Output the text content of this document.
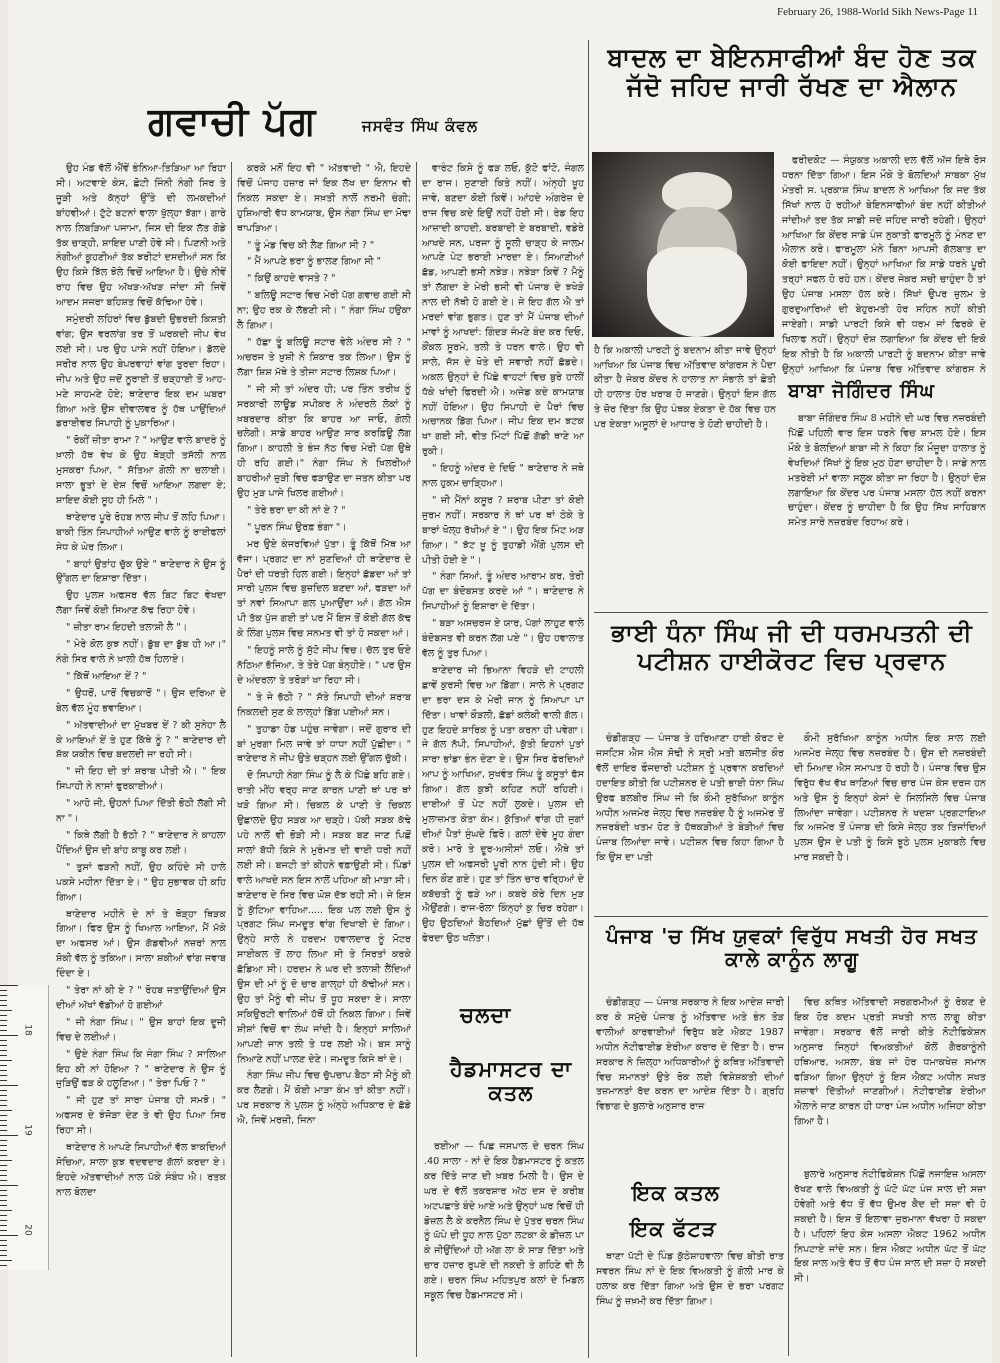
February 26, 1988-World Sikh News-Page 11
ਗਵਾਚੀ ਪੱਗ	ਜਸਵੰਤ ਸਿੰਘ ਕੰਵਲ

ਉਹ ਮੰਡ ਵੱਲੋਂ ਐਂਵੇਂ ਭੰਨਿਆ-ਤਿੜਿਆ ਆ ਰਿਹਾ ਸੀ। ਅਟਵਾਏ ਕੇਸ, ਛੋਟੀ ਜਿੰਨੀ ਨੰਗੀ ਸਿਰ ਤੇ ਜੂੜੀ ਅਤੇ ਕੱਨ੍ਹਾਂ ਉੱਤੇ ਦੀ ਲਮਕਦੀਆਂ ਬਾਂਹਵੀਆਂ। ਟੁੱਟੇ ਬਟਨਾਂ ਵਾਲਾ ਖੁੱਲ੍ਹਾ ਝੱਗਾ। ਗਾਰੇ ਨਾਲ ਲਿਬੜਿਆ ਪਜਾਮਾ, ਜਿਸ ਦੀ ਇਕ ਲੱਤ ਗੋਡੇ ਤੱਕ ਚਾੜ੍ਹੀ, ਸ਼ਾਇਦ ਪਾਣੀ ਹੋਵੇ ਸੀ। ਪਿਣਨੀ ਅਤੇ ਨੰਗੀਆਂ ਕੂਹਣੀਆਂ ਤੱਕ ਝਰੀਟਾਂ ਦਸਦੀਆਂ ਸਨ ਕਿ ਉਹ ਕਿਸੇ ਝਿੱਲ ਝੋਲੇ ਵਿਚੋਂ ਆਇਆ ਹੈ। ਉਚੇ ਨੀਵੇਂ ਰਾਹ ਵਿਚ ਉਹ ਅੱਖੜ-ਅੱਖੜ ਜਾਂਦਾ ਸੀ ਜਿਵੇਂ ਆਦਮ ਸਜਰਾ ਬਹਿਸ਼ਤ ਵਿਚੋਂ ਕੱਢਿਆ ਹੋਵੇ।

ਸਮੁੰਦਰੀ ਲਹਿਰਾਂ ਵਿਚ ਡੁੱਬਦੀ ਉਭਰਦੀ ਕਿਸ਼ਤੀ ਵਾਂਗ; ਉਸ ਵਰਲਾਂਗ ਤਰ ਤੋਂ ਘਰਕਦੀ ਜੀਪ ਵੇਖ ਲਈ ਸੀ। ਪਰ ਉਹ ਪਾਸੇ ਨਹੀਂ ਹੋਇਆ। ਡੱਲਦੇ ਸਰੀਰ ਨਾਲ ਉਹ ਬੇਪਰਵਾਹਾਂ ਵਾਂਗ ਤੁਰਦਾ ਰਿਹਾ। ਜੀਪ ਅਤੇ ਉਹ ਜਦੋਂ ਨੂਰਾਈ ਤੋਂ ਚੜ੍ਹਾਈ ਤੋਂ ਆਹ-ਮਣੇ ਸਾਹਮਣੇ ਹੋਏ; ਥਾਣੇਦਾਰ ਇਕ ਦਮ ਘਬਰਾ ਗਿਆ ਅਤੇ ਉਸ ਦੀਵਾਲਵਰ ਨੂੰ ਹੱਥ ਪਾਉਂਦਿਆਂ ਡਰਾਈਵਰ ਸਿਪਾਹੀ ਨੂੰ ਪੁਕਾਰਿਆ।

" ਰੋਕੀਂ ਜ਼ੀਤਾ ਰਾਮਾ ? " ਆਉਣ ਵਾਲੇ ਬਾਦਰੇ ਨੂੰ ਖ਼ਾਲੀ ਹੱਥ ਵੇਖ ਕੇ ਉਹ ਥੋੜ੍ਹੀ ਤਸੱਲੀ ਨਾਲ ਮੁਸਕਰਾ ਪਿਆ, " ਸੱਤਿਆ ਗੋਲੀ ਨਾ ਚਲਾਈ। ਸਾਲਾ ਭੂਤਾਂ ਦੇ ਦੇਸ਼ ਵਿਚੋਂ ਆਇਆ ਲਗਦਾ ਏ; ਸ਼ਾਇਦ ਕੋਈ ਸੂਹ ਹੀ ਮਿਲੇ "।

ਥਾਣੇਦਾਰ ਪੂਰੇ ਰੋਹਬ ਨਾਲ ਜੀਪ ਤੋਂ ਲਹਿ ਪਿਆ। ਬਾਕੀ ਤਿੰਨ ਸਿਪਾਹੀਆਂ ਆਉਣ ਵਾਲੇ ਨੂੰ ਰਾਈਫਲਾਂ ਸੇਧ ਕੇ ਘੇਰ ਲਿਆ।

" ਬਾਹਾਂ ਉਤਾਂਹ ਚੁੱਕ ਉਏ " ਥਾਣੇਦਾਰ ਨੇ ਉਸ ਨੂੰ ਉੱਗਲ ਦਾ ਇਸ਼ਾਰਾ ਦਿੱਤਾ।

ਉਹ ਪੁਲਸ ਅਫਸਰ ਵੱਲ ਬਿਟ ਬਿਟ ਵੇਖਦਾ ਲੱਗਾ ਜਿਵੇਂ ਕੋਈ ਸਿਆਣ ਕੱਢ ਰਿਹਾ ਹੋਵੇ।

" ਜ਼ੀਤਾ ਰਾਮ ਇਹਦੀ ਤਲਾਸ਼ੀ ਲੈ "।

" ਮੇਰੇ ਕੋਲ ਕੁਝ ਨਹੀਂ। ਡੁੱਬ ਦਾ ਡੁੱਬ ਹੀ ਆ।" ਨੰਗੇ ਸਿਰ ਵਾਲੇ ਨੇ ਖ਼ਾਲੀ ਹੱਥ ਹਿਲਾਏ।

" ਕਿੱਥੋਂ ਆਇਆ ਏਂ ? "

" ਉਧਰੋਂ, ਪਾਰੋਂ ਵਿਚਕਾਰੋਂ "। ਉਸ ਦਰਿਆ ਦੇ ਬੇਲ ਵੱਲ ਮੂੰਹ ਭਵਾਇਆ।

" ਅੱਤਵਾਦੀਆਂ ਦਾ ਮੁੱਖਬਰ ਏਂ ? ਕੀ ਸੁਨੇਹਾ ਲੈ ਕੇ ਆਇਆਂ ਏਂ ਤੇ ਹੁਣ ਕਿੱਥੇ ਨੂੰ ? " ਥਾਣੇਦਾਰ ਦੀ ਸ਼ੱਕ ਯਕੀਨ ਵਿਚ ਬਦਲਦੀ ਜਾ ਰਹੀ ਸੀ।

" ਜੀ ਇਹ ਦੀ ਤਾਂ ਸ਼ਰਾਬ ਪੀਤੀ ਐ। " ਇਕ ਸਿਪਾਹੀ ਨੇ ਨਾਸਾਂ ਫੁਰਕਾਈਆਂ।

" ਆਹੋ ਜੀ, ਉਹਨਾਂ ਪਿਆ ਦਿੱਤੀ ਭੋਠੀ ਲੱਗੀ ਸੀ ਨਾ "।

" ਕਿਥੇ ਲੱਗੀ ਹੈ ਭੱਠੀ ? " ਥਾਣੇਦਾਰ ਨੇ ਕਾਹਲਾ ਪੈਂਦਿਆਂ ਉਸ ਦੀ ਬਾਂਹ ਕਾਬੂ ਕਰ ਲਈ।

" ਤੁਸਾਂ ਫੜਨੀ ਨਹੀਂ, ਉਹ ਕਹਿੰਦੇ ਸੀ ਹਾਲੇ ਪਕਸੇ ਮਹੀਨਾ ਦਿੱਤਾ ਏ। " ਉਹ ਸੁਭਾਵਕ ਹੀ ਕਹਿ ਗਿਆ।

ਥਾਣੇਦਾਰ ਮਹੀਨੇ ਦੇ ਨਾਂ ਤੇ ਥੋੜ੍ਹਾ ਥਿੜਕ ਗਿਆ। ਫਿਰ ਉਸ ਨੂੰ ਖਿਆਲ ਆਇਆ, ਮੈਂ ਮੱਕੇ ਦਾ ਅਫਸਰ ਆਂ। ਉਸ ਗੱਡਵੀਆਂ ਨਜ਼ਰਾਂ ਨਾਲ ਸ਼ੋਕੀ ਵੱਲ ਨੂੰ ਤਕਿਆ। ਸਾਲਾ ਸ਼ਕੀਆਂ ਵਾਂਗ ਜਵਾਬ ਦਿੰਦਾ ਏ।

" ਤੇਰਾ ਨਾਂ ਕੀ ਏ ? " ਰੋਹਬ ਜਤਾਉਂਦਿਆਂ ਉਸ ਦੀਆਂ ਅੱਖਾਂ ਵੱਡੀਆਂ ਹੋ ਗਈਆਂ

" ਜੀ ਨੰਗਾ ਸਿੰਘ। " ਉਸ ਬਾਹਾਂ ਇਕ ਦੂਜੀ ਵਿਚ ਦੇ ਲਈਆਂ।

" ਉਏ ਨੰਗਾ ਸਿੰਘ ਕਿ ਜੰਗਾ ਸਿੰਘ ? ਸਾਲਿਆ ਇਹ ਕੀ ਨਾਂ ਹੋਇਆ ? " ਥਾਣੇਦਾਰ ਨੇ ਉਸ ਨੂੰ ਜੁੜਿਉਂ ਫੜ ਕੇ ਹਲੂਣਿਆ। " ਤੇਰਾ ਪਿਓ ? "

" ਜੀ ਹੁਣ ਤਾਂ ਸਾਰਾ ਪੰਜਾਬ ਹੀ ਸਮਝੋ। " ਅਫਸਰ ਦੇ ਝੰਜੋੜਾ ਦੇਣ ਤੇ ਵੀ ਉਹ ਪਿਆ ਸਿਰ ਰਿਹਾ ਸੀ।

ਥਾਣੇਦਾਰ ਨੇ ਆਪਣੇ ਸਿਪਾਹੀਆਂ ਵੱਲ ਝਾਕਦਿਆਂ ਸੋਚਿਆ, ਸਾਲਾ ਕੁਝ ਵਦਵਦਾਰ ਗੱਲਾਂ ਕਰਦਾ ਏ। ਇਹਦੇ ਅੱਤਵਾਦੀਆਂ ਨਾਲ ਪੱਕੇ ਸੰਬੰਧ ਐ। ਰਤਕ ਨਾਲ ਬੋਲਦਾ

ਕਰਕੇ ਮਨੋਂ ਇਹ ਵੀ " ਅੱਤਵਾਦੀ " ਐ, ਇਹਦੇ ਵਿਚੋਂ ਪੰਜਾਹ ਹਜ਼ਾਰ ਜਾਂ ਇਕ ਲੱਖ ਦਾ ਇਨਾਮ ਵੀ ਨਿਕਲ ਸਕਦਾ ਏ। ਸਖ਼ਤੀ ਨਾਲੋਂ ਨਰਮੀ ਚੰਗੀ; ਹੁਸ਼ਿਆਰੀ ਵੱਧ ਕਾਮਯਾਬ, ਉਸ ਨੰਗਾ ਸਿੰਘ ਦਾ ਮੋਢਾ ਥਾਪੜਿਆ।

" ਤੂੰ ਮੰਡ ਵਿਚ ਕੀ ਲੈਣ ਗਿਆ ਸੀ ? "

" ਮੈਂ ਆਪਣੇ ਭਰਾ ਨੂੰ ਭਾਲਣ ਗਿਆ ਸੀ "

" ਕਿਉਂ ਕਾਹਦੇ ਵਾਸਤੇ ? "

" ਬਲਿਊ ਸਟਾਰ ਵਿਚ ਮੇਰੀ ਪੱਗ ਗਵਾਚ ਗਈ ਸੀ ਨਾ; ਉਹ ਰਕ ਕੇ ਲੱਭਣੀ ਸੀ। " ਨੰਗਾ ਸਿੰਘ ਹਉਕਾ ਲੈ ਗਿਆ।

" ਹੱਛਾ ਤੂੰ ਬਲਿਊ ਸਟਾਰ ਵੇਲੇ ਅੰਦਰ ਸੀ ? " ਅਚਰਜ ਤੇ ਖ਼ੁਸ਼ੀ ਨੇ ਸ਼ਿਕਾਰ ਤਕ ਲਿਆ। ਉਸ ਨੂੰ ਲੱਗਾ ਸ਼ਿਸ਼ ਮੱਥੇ ਤੇ ਤੀਜਾ ਸਟਾਰ ਲਿਸ਼ਕ ਪਿਆ।

" ਜੀ ਸੀ ਤਾਂ ਅੰਦਰ ਹੀ; ਪਰ ਤਿੰਨ ਤਰੀਖ ਨੂੰ ਸਰਕਾਰੀ ਲਾਊਡ ਸਪੀਕਰ ਨੇ ਅੰਦਰਲੇ ਲੋਕਾਂ ਨੂੰ ਖ਼ਬਰਦਾਰ ਕੀਤਾ ਕਿ ਬਾਹਰ ਆ ਜਾਓ, ਗੋਲੀ ਚਲੇਗੀ। ਸਾਡੇ ਬਾਹਰ ਆਉਣ ਸਾਰ ਕਰਫ਼ਿਊ ਲੱਗ ਗਿਆ। ਕਾਹਲੀ ਤੇ ਭੰਜ ਨੱਠ ਵਿਚ ਮੇਰੀ ਪੱਗ ਉਥੇ ਹੀ ਰਹਿ ਗਈ।" ਨੰਗਾ ਸਿੰਘ ਨੇ ਖ਼ਿਲਰੀਆਂ ਬਾਹਰੀਆਂ ਜ਼ੁੜੀ ਵਿਚ ਫੜਾਉਣ ਦਾ ਜਤਨ ਕੀਤਾ ਪਰ ਉਹ ਮੁੜ ਪਾਸੇ ਖਿਲਰ ਗਈਆਂ।

" ਤੇਰੇ ਭਰਾ ਦਾ ਕੀ ਨਾਂ ਏ ? "

" ਪੂਰਨ ਸਿੰਘ ਉਰਫ਼ ਭੰਗਾ "।

ਮਰ ਉਏ ਕੰਜਰਵਿਆਂ ਪੁੱਤਾ। ਤੂੰ ਕਿੱਥੋਂ ਮਿੱਥ ਆ ਵੱਜਾ। ਪ੍ਰਗਟ ਦਾ ਨਾਂ ਸੁਣਦਿਆਂ ਹੀ ਥਾਣੇਦਾਰ ਦੇ ਪੈਰਾਂ ਦੀ ਧਰਤੀ ਹਿਲ ਗਈ। ਇਨ੍ਹਾਂ ਛੱਡਦਾ ਆਂ ਤਾਂ ਸਾਰੀ ਪੁਲਸ ਵਿਚ ਬੁਜ਼ਦਿਲ ਬਣਦਾ ਆਂ, ਫੜਦਾ ਆਂ ਤਾਂ ਨਵਾਂ ਸਿਆਪਾ ਗਲ ਪੁਆਉਂਦਾ ਆਂ। ਗੱਲ ਐਸ ਪੀ ਤੱਕ ਪੁੱਜ ਗਈ ਤਾਂ ਪਰ ਮੈਂ ਇਸ ਤੋਂ ਕੋਈ ਗੱਲ ਕੱਢ ਕੇ ਲਿੰਗ ਪੁਲਸ ਵਿਚ ਸਨਮਤ ਵੀ ਤਾਂ ਹੋ ਸਕਦਾ ਆਂ।

" ਇਹਨੂੰ ਸਾਲੇ ਨੂੰ ਸੁੱਟੋ ਜੀਪ ਵਿਚ। ਚੱਲ ਤੁਰ ਓਏ ਨੱਠਿਆ ਭੱਜਿਆ, ਤੇ ਤੇਰੇ ਪੱਗ ਬੰਨ੍ਹੀਏ। " ਪਰ ਉਸ ਦੇ ਅੰਦਰਲਾ ਤੇ ਤਰੋੜਾਂ ਖਾ ਰਿਹਾ ਸੀ।

" ਤੇ ਜੇ ਭੱਠੀ ? " ਸੱਤੇ ਸਿਪਾਹੀ ਦੀਆਂ ਸ਼ਰਾਬ ਨਿਕਲਦੀ ਸੁਣ ਕੇ ਲਾਲ੍ਹਾਂ ਡਿੱਗ ਪਈਆਂ ਸਨ।

" ਤੁਹਾਡਾ ਹੋਡ ਪਹੁੰਚ ਜਾਵੇਗਾ। ਜਦੋਂ ਗੁਰਾਰ ਦੀ ਬਾਂ ਮੁਰਗਾ ਮਿਲ ਜਾਵੇ ਤਾਂ ਧਾਧਾ ਨਹੀਂ ਪੁੱਛੀਦਾ। " ਥਾਣੇਦਾਰ ਨੇ ਜੀਪ ਉਤੇ ਚੜ੍ਹਨ ਲਈ ਉੱਗਲ ਚੁੱਕੀ।

ਦੋ ਸਿਪਾਹੀ ਨੰਗਾ ਸਿੰਘ ਨੂੰ ਲੈ ਕੇ ਪਿੱਛੇ ਬਹਿ ਗਏ। ਰਾਤੀ ਮੀਂਹ ਵਰ੍ਹ ਜਾਣ ਕਾਰਨ ਪਾਣੀ ਥਾਂ ਪਰ ਥਾਂ ਖੜੋ ਗਿਆ ਸੀ। ਚਿਕਲ ਕੇ ਪਾਣੀ ਤੇ ਚਿਕਲ ਉਛਾਲਦੇ ਉਹ ਸੜਕ ਆ ਚੜ੍ਹੇ। ਪੱਕੀ ਸੜਕ ਕੱਢੇ ਪਹੇ ਨਾਲੋਂ ਵੀ ਭੋੜੀ ਸੀ। ਸੜਕ ਬਣ ਜਾਣ ਪਿਛੋਂ ਸਾਲਾਂ ਬੱਧੀ ਕਿਸੇ ਨੇ ਮੁਰੰਮਤ ਦੀ ਵਾਈ ਧਰੀ ਨਹੀਂ ਲਈ ਸੀ। ਬਜਟੀ ਤਾਂ ਕੀਹਨੇ ਵਫ਼ਾਉਣੀ ਸੀ। ਪਿੰਡਾਂ ਵਾਲੇ ਆਖਦੇ ਸਨ ਇਸ ਨਾਲੋਂ ਪਹਿਆ ਕੀ ਮਾੜਾ ਸੀ। ਥਾਣੇਦਾਰ ਦੇ ਸਿਰ ਵਿਚ ਘੋਸ਼ ਦੱਝ ਰਹੀ ਸੀ। ਜੇ ਇਸ ਨੂੰ ਕੁੱਟਿਆ ਵਾਹਿਆ..... ਇਕ ਪਲ ਲਈ ਉਸ ਨੂੰ ਪ੍ਰਗਟ ਸਿੰਘ ਜਮਦੂਤ ਵਾਂਗ ਦਿਖਾਈ ਦੇ ਗਿਆ। ਉਨ੍ਹੇ ਸਾਲੇ ਨੇ ਹਰਦਮ ਹਵਾਲਦਾਰ ਨੂੰ ਮੋਟਰ ਸਾਈਕਲ ਤੋਂ ਲਾਹ ਲਿਆ ਸੀ ਤੇ ਸਿਰਤਾਂ ਕਰਕੇ ਛੱਡਿਆ ਸੀ। ਹਰਦਮ ਨੇ ਘਰ ਦੀ ਤਲਾਸ਼ੀ ਲੈਂਦਿਆਂ ਉਸ ਦੀ ਮਾਂ ਨੂੰ ਦੋ ਚਾਰ ਗਾਲ੍ਹਾਂ ਹੀ ਕੱਢੀਆਂ ਸਨ। ਉਹ ਤਾਂ ਮੈਨੂੰ ਵੀ ਜੀਪ ਤੋਂ ਧੂਹ ਸਕਦਾ ਏ। ਸਾਲਾ ਸਕਿਉਰਟੀ ਵਾਲਿਆਂ ਹੱਥੋਂ ਹੀ ਨਿਕਲ ਗਿਆ। ਜਿਵੇਂ ਸ਼ੀਸ਼ਾਂ ਵਿਚੋਂ ਵਾ ਲੰਘ ਜਾਂਦੀ ਹੈ। ਇਨ੍ਹਾਂ ਸਾਲਿਆਂ ਆਪਣੀ ਜਾਨ ਤਲੀ ਤੇ ਧਰ ਲਈ ਐ। ਬਸ ਸਾਨੂੰ ਨਿਆਣੇ ਨਹੀਂ ਪਾਲਣ ਦੇਣੇ। ਜਮਦੂਤ ਕਿਸੇ ਥਾਂ ਦੇ।

ਨੰਗਾ ਸਿੰਘ ਜੀਪ ਵਿਚ ਚੁੱਪਚਾਪ ਬੈਠਾ ਸੀ ਮੈਨੂੰ ਕੀ ਕਰ ਲੈਣਗੇ। ਮੈਂ ਕੋਈ ਮਾੜਾ ਕੰਮ ਤਾਂ ਕੀਤਾ ਨਹੀਂ। ਪਰ ਸਰਕਾਰ ਨੇ ਪੁਲਸ ਨੂੰ ਅੰਨ੍ਹੇ ਅਧਿਕਾਰ ਦੇ ਛੱਡੇ ਐ, ਜਿਵੇਂ ਮਰਜ਼ੀ, ਜਿਨਾ

ਵਾਰੰਟ ਕਿਸੇ ਨੂੰ ਫੜ ਲਓ, ਕੁੱਟੋ ਫਾਂਟੋ, ਜੰਗਲ ਦਾ ਰਾਜ। ਸੁਣਾਈ ਕਿਤੇ ਨਹੀਂ। ਅੰਨ੍ਹੀ ਖੂਹ ਜਾਵੇ, ਬਣਦਾ ਕੋਈ ਕਿਵੇਂ। ਆਂਹਦੇ ਅੰਗਰੇਜ਼ ਦੇ ਰਾਜ ਵਿਚ ਕਦੇ ਇਉਂ ਨਹੀਂ ਹੋਈ ਸੀ। ਰੇਡ ਇਹ ਆਜ਼ਾਦੀ ਕਾਹਦੀ, ਬਰਬਾਦੀ ਏ ਬਰਬਾਦੀ, ਵਡੇਰੇ ਆਖਦੇ ਸਨ, ਪਰਜਾ ਨੂੰ ਸੂਲੀ ਚਾੜ੍ਹ ਕੇ ਜਾਲਮ ਆਪਣੇ ਪੇਟ ਭਰਾਈ ਮਾਰਦਾ ਏ। ਸਿਆਣੀਆਂ ਛੱਡ, ਆਪਣੀ ਭਸੀ ਨਝੇੜ। ਨਝੇੜਾ ਕਿਵੇਂ ? ਮੈਨੂੰ ਤਾਂ ਲੱਗਦਾ ਏ ਮੇਰੀ ਭਸੀ ਵੀ ਪੰਜਾਬ ਦੇ ਝਖੇੜੇ ਨਾਲ ਦੀ ਨੱਥੀ ਹੋ ਗਈ ਏ। ਜੇ ਇਹ ਗੱਲ ਐ ਤਾਂ ਮਰਦਾਂ ਵਾਂਗ ਭੁਗਤ। ਹੁਣ ਤਾਂ ਮੈਂ ਪੰਜਾਬ ਦੀਆਂ ਮਾਵਾਂ ਨੂੰ ਆਖਦਾਂ: ਗਿੰਦੜ ਜੰਮਣੇ ਬੰਦ ਕਰ ਦਿਓ, ਕੌਂਕਲ ਸੂਰਮੇ, ਤਲੀ ਤੇ ਧਰਨ ਵਾਲੇ। ਉਹ ਵੀ ਸਾਲੇ, ਜੱਸ ਦੇ ਖੋਤੇ ਦੀ ਸਵਾਰੀ ਨਹੀਂ ਛੱਡਦੇ। ਅਕਲ ਉਨ੍ਹਾਂ ਦੇ ਪਿੱਛੇ ਵਾਹਟਾਂ ਵਿਚ ਬੁਰੇ ਹਾਲੀਂ ਧੱਕੇ ਖਾਂਦੀ ਫਿਰਦੀ ਐ। ਅਜੇਡ ਕਦੇ ਕਾਮਯਾਬ ਨਹੀਂ ਹੋਇਆ। ਉਹ ਸਿਪਾਹੀ ਦੇ ਪੈਰਾਂ ਵਿਚ ਅਚਾਨਕ ਡਿੱਗ ਪਿਆ। ਜੀਪ ਇਕ ਦਮ ਝਟਕ ਖਾ ਗਈ ਸੀ, ਵੀਤ ਮਿੰਟਾਂ ਪਿੱਛੋਂ ਗੱਡੀ ਥਾਣੇ ਆ ਰੁਕੀ।

" ਇਹਨੂੰ ਅੰਦਰ ਦੇ ਦਿਓ " ਥਾਣੇਦਾਰ ਨੇ ਜਥੇ ਨਾਲ ਹੁਕਮ ਚਾੜ੍ਹਿਆ।

" ਜੀ ਮੈਂਨਾਂ ਕਸੂਰ ? ਸ਼ਰਾਬ ਪੀਣਾ ਤਾਂ ਕੋਈ ਜੁਰਮ ਨਹੀਂ। ਸਰਕਾਰ ਨੇ ਥਾਂ ਪਰ ਥਾਂ ਠੇਕੇ ਤੇ ਬਾਰਾਂ ਖੋਲ੍ਹ ਰੱਖੀਆਂ ਏ "। ਉਹ ਇਕ ਮਿੰਟ ਅੜ ਗਿਆ। " ਝੱਟ ਖ਼ੂ ਨੂੰ ਤੁਹਾਡੀ ਐਂਗੋ ਪੁਲਸ ਦੀ ਪੀਤੀ ਹੋਈ ਏ "।

" ਨੰਗਾ ਸਿਆਂ, ਤੂੰ ਅੰਦਰ ਆਰਾਮ ਕਰ, ਤੇਰੀ ਪੱਗ ਦਾ ਬੰਦੋਬਸਤ ਕਰਦੇ ਆਂ "। ਥਾਣੇਦਾਰ ਨੇ ਸਿਪਾਹੀਆਂ ਨੂੰ ਇਸ਼ਾਰਾ ਦੇ ਦਿੱਤਾ।

" ਬੜਾ ਅਸਚਰਜ ਏ ਯਾਰ, ਪੱਗਾਂ ਲਾਹੁਣ ਵਾਲੇ ਬੰਦੋਬਸਤ ਵੀ ਕਰਨ ਲੱਗ ਪਏ "। ਉਹ ਹਵਾਲਾਤ ਵੱਲ ਨੂੰ ਤੁਰ ਪਿਆ।

ਥਾਣੇਦਾਰ ਜੀ ਭਿਆਨਾ ਵਿਹੜੇ ਦੀ ਟਾਹਲੀ ਛਾਵੇਂ ਕੁਰਸੀ ਵਿਚ ਆ ਡਿੱਗਾ। ਸਾਲੇ ਨੇ ਪ੍ਰਗਟ ਦਾ ਭਰਾ ਦਸ ਕੇ ਮੇਰੀ ਜਾਨ ਨੂੰ ਸਿਆਪਾ ਪਾ ਦਿੱਤਾ। ਖਾਵਾਂ ਕੌੜਲੀ, ਛੱਡਾਂ ਕਲੰਕੀ ਵਾਲੀ ਗੱਲ। ਹੁਣ ਇਹਦੇ ਸ਼ਾਰਿਕ ਨੂੰ ਪਤਾ ਕਰਨਾ ਹੀ ਪਵੇਗਾ। ਜੇ ਗੱਲ ਨੱਪੀ, ਸਿਪਾਹੀਆਂ, ਕੁੱਤੀ ਇਹਨਾਂ ਪੁਤਾਂ ਸਾਰਾ ਭਾਂਡਾ ਭੰਨ ਦੇਣਾ ਏ। ਉਸ ਸਿਰ ਫੇਰਦਿਆਂ ਆਪ ਨੂੰ ਆਖਿਆ, ਸੁਖਵੰਤ ਸਿੰਘ ਤੂੰ ਕਸੂਤਾਂ ਫੱਸ ਗਿਆ। ਗੱਲ ਕੁਝੀ ਕਹਿਣ ਨਹੀਂ ਰਹਿਣੀ। ਦਾਈਆਂ ਤੋਂ ਪੇਟ ਨਹੀਂ ਲੁਕਦੇ। ਪੁਲਸ ਦੀ ਮੁਲਾਜ਼ਮਤ ਕੇਤਾ ਕੰਮ। ਕੁੱਤਿਆਂ ਵਾਂਗ ਹੀ ਜੁਗਾਂ ਦੀਆਂ ਪੈਤਾਂ ਸੁੰਘਦੇ ਫਿਰੋ। ਗਲਾਂ ਦੇਵੇ ਮੂਹ ਗੰਦਾ ਕਰੋ। ਮਾਰੋ ਤੇ ਦੂਰ-ਅਸੀਸਾਂ ਲਓ। ਐਥੇ ਤਾਂ ਪੁਲਸ ਦੀ ਅਫਸਰੀ ਪੂਰੀ ਨਾਨ ਹੁੰਦੀ ਸੀ। ਉਹ ਦਿਨ ਕੌਣ ਗਏ। ਹੁਣ ਤਾਂ ਤਿੰਨ ਚਾਰ ਵਰ੍ਹਿਆਂ ਦੇ ਕਬੱਚਤੀ ਨੂੰ ਫੜੇ ਆ। ਕਬਰੇ ਕੋਰੇ ਦਿਨ ਮੁੜ ਐਉਂਣਗੇ। ਰਾਜ-ਰੋਲਾ ਕਿੰਨ੍ਹਾਂ ਕੁ ਚਿਰ ਰਹੇਗਾ। ਉਹ ਉਠਦਿਆਂ ਬੈਠਦਿਆਂ ਮੁੱਛਾਂ ਉੱਤੋਂ ਦੀ ਹੱਥ ਫੇਰਦਾ ਉਠ ਖਲੋਤਾ।

ਚਲਦਾ
ਹੈਡਮਾਸਟਰ ਦਾ ਕਤਲ

ਰਈਆ — ਪਿਛ ਜਸਪਾਲ ਦੇ ਚਰਨ ਸਿੰਘ .40 ਸਾਲਾ - ਨਾਂ ਦੇ ਇਕ ਹੈਡਮਾਸਟਰ ਨੂੰ ਕਤਲ ਕਰ ਦਿੱਤੇ ਜਾਣ ਦੀ ਖ਼ਬਰ ਮਿਲੀ ਹੈ। ਉਸ ਦੇ ਘਰ ਦੇ ਵੱਲੋਂ ਤਕਰਸ਼ਾਰ ਅੱਠ ਦਸ ਦੇ ਕਰੀਬ ਅਟਪਛਾਤੇ ਬੰਦੇ ਆਏ ਅਤੇ ਉਨ੍ਹਾਂ ਘਰ ਵਿਚੋਂ ਹੀ ਡੋਜ਼ਲ ਲੈ ਕੇ ਕਰਨੈਲ ਸਿੰਘ ਦੇ ਪੁੱਤਰ ਚਰਨ ਸਿੰਘ ਨੂੰ ਘੱਪੇ ਦੀ ਧੂਹ ਨਾਲ ਪੁੱਠਾ ਲਟਕਾ ਕੇ ਡੀਜ਼ਲ ਪਾ ਕੇ ਜੀਉਂਦਿਆਂ ਹੀ ਅੱਗ ਲਾ ਕੇ ਸਾੜ ਦਿੱਤਾ ਅਤੇ ਚਾਰ ਹਜ਼ਾਰ ਰੁਪਏ ਦੀ ਨਕਦੀ ਤੇ ਗਹਿਣੇ ਵੀ ਲੈ ਗਏ। ਚਰਨ ਸਿੰਘ ਮਹਿਤਪੁਰ ਕਲਾਂ ਦੇ ਮਿਡਲ ਸਕੂਲ ਵਿਚ ਹੈਡਮਾਸਟਰ ਸੀ।

ਬਾਦਲ ਦਾ ਬੇਇਨਸਾਫੀਆਂ ਬੰਦ ਹੋਣ ਤਕ ਜੱਦੋ ਜਹਿਦ ਜਾਰੀ ਰੱਖਣ ਦਾ ਐਲਾਨ

ਫਰੀਦਕੋਟ — ਸੰਯੁਕਤ ਅਕਾਲੀ ਦਲ ਵੱਲੋਂ ਅੱਜ ਇਥੇ ਰੋਸ ਧਰਨਾ ਦਿੱਤਾ ਗਿਆ। ਇਸ ਮੌਕੇ ਤੇ ਬੋਲਦਿਆਂ ਸਾਬਕਾ ਮੁੱਖ ਮੰਤਰੀ ਸ. ਪ੍ਰਕਾਸ਼ ਸਿੰਘ ਬਾਦਲ ਨੇ ਆਖਿਆ ਕਿ ਜਦ ਤੱਕ ਸਿੱਖਾਂ ਨਾਲ ਹੋ ਰਹੀਆਂ ਬੇਇਨਸਾਫੀਆਂ ਬੰਦ ਨਹੀਂ ਕੀਤੀਆਂ ਜਾਂਦੀਆਂ ਤਦ ਤੱਕ ਸਾਡੀ ਜਦੋ ਜਹਿਦ ਜਾਰੀ ਰਹੇਗੀ। ਉਨ੍ਹਾਂ ਆਖਿਆ ਕਿ ਕੇਂਦਰ ਸਾਡੇ ਪੰਜ ਨੁਕਾਤੀ ਫਾਰਮੂਲੇ ਨੂੰ ਮੰਨਣ ਦਾ ਐਲਾਨ ਕਰੇ। ਫਾਰਮੂਲਾ ਮੰਨੇ ਬਿਨਾ ਆਪਸੀ ਗੱਲਬਾਤ ਦਾ ਕੋਈ ਫਾਇਦਾ ਨਹੀਂ। ਉਨ੍ਹਾਂ ਆਖਿਆ ਕਿ ਸਾਡੇ ਧਰਨੇ ਪੂਰੀ ਤਰ੍ਹਾਂ ਸਫਲ ਹੋ ਰਹੇ ਹਨ। ਕੇਂਦਰ ਜੇਕਰ ਸਚੀ ਚਾਹੁੰਦਾ ਹੈ ਤਾਂ ਉਹ ਪੰਜਾਬ ਮਸਲਾ ਹੱਲ ਕਰੇ। ਸਿੱਖਾਂ ਉਪਰ ਜ਼ੁਲਮ ਤੇ ਗੁਰਦੁਆਰਿਆਂ ਦੀ ਬੇਹੁਰਮਤੀ ਹੋਰ ਸਹਿਨ ਨਹੀਂ ਕੀਤੀ ਜਾਏਗੀ। ਸਾਡੀ ਪਾਰਟੀ ਕਿਸੇ ਵੀ ਧਰਮ ਜਾਂ ਫਿਰਕੇ ਦੇ ਖਿਲਾਫ ਨਹੀਂ। ਉਨ੍ਹਾਂ ਦੋਸ਼ ਲਗਾਇਆ ਕਿ ਕੇਂਦਰ ਦੀ ਇਕੋ ਇਕ ਨੀਤੀ ਹੈ ਕਿ ਅਕਾਲੀ ਪਾਰਟੀ ਨੂੰ ਬਦਨਾਮ ਕੀਤਾ ਜਾਵੇ ਉਨ੍ਹਾਂ ਆਖਿਆ ਕਿ ਪੰਜਾਬ ਵਿਚ ਅੱਤਿਵਾਦ ਕਾਂਗਰਸ ਨੇ

ਹੈ ਕਿ ਅਕਾਲੀ ਪਾਰਟੀ ਨੂੰ ਬਦਨਾਮ ਕੀਤਾ ਜਾਵੇ ਉਨ੍ਹਾਂ ਆਖਿਆ ਕਿ ਪੰਜਾਬ ਵਿਚ ਅੱਤਿਵਾਦ ਕਾਂਗਰਸ ਨੇ ਪੈਦਾ ਕੀਤਾ ਹੈ ਜੇਕਰ ਕੇਂਦਰ ਨੇ ਹਾਲਾਤ ਨਾ ਸੰਭਾਲੇ ਤਾਂ ਛੇਤੀ ਹੀ ਹਾਲਾਤ ਹੋਰ ਖਰਾਬ ਹੋ ਜਾਣਗੇ। ਉਨ੍ਹਾਂ ਇਸ ਗੱਲ ਤੇ ਜ਼ੋਰ ਦਿੱਤਾ ਕਿ ਉਹ ਪੰਥਕ ਏਕਤਾ ਦੇ ਹੱਕ ਵਿਚ ਹਨ ਪਰ ਏਕਤਾ ਅਸੂਲਾਂ ਦੇ ਆਧਾਰ ਤੇ ਹੋਣੀ ਚਾਹੀਦੀ ਹੈ।

ਬਾਬਾ ਜੋਗਿੰਦਰ ਸਿੰਘ

ਬਾਬਾ ਜੋਗਿੰਦਰ ਸਿੰਘ 8 ਮਹੀਨੇ ਦੀ ਘਰ ਵਿਚ ਨਜ਼ਰਬੰਦੀ ਪਿੱਛੋਂ ਪਹਿਲੀ ਵਾਰ ਇਸ ਧਰਨੇ ਵਿਚ ਸ਼ਾਮਲ ਹੋਏ। ਇਸ ਮੌਕੇ ਤੇ ਬੋਲਦਿਆਂ ਬਾਬਾ ਜੀ ਨੇ ਕਿਹਾ ਕਿ ਮੌਜੂਦਾ ਹਾਲਾਤ ਨੂੰ ਵੇਖਦਿਆਂ ਸਿੱਖਾਂ ਨੂੰ ਇਕ ਮੁਠ ਹੋਣਾ ਚਾਹੀਦਾ ਹੈ। ਸਾਡੇ ਨਾਲ ਮਤਰੇਈ ਮਾਂ ਵਾਲਾ ਸਲੂਕ ਕੀਤਾ ਜਾ ਰਿਹਾ ਹੈ। ਉਨ੍ਹਾਂ ਦੋਸ਼ ਲਗਾਇਆ ਕਿ ਕੇਂਦਰ ਪਰ ਪੰਜਾਬ ਮਸਲਾ ਹੱਲ ਨਹੀਂ ਕਰਨਾ ਚਾਹੁੰਦਾ। ਕੇਂਦਰ ਨੂੰ ਚਾਹੀਦਾ ਹੈ ਕਿ ਉਹ ਸਿੱਖ ਸਾਹਿਬਾਨ ਸਮੇਤ ਸਾਰੇ ਨਜ਼ਰਬੰਦ ਰਿਹਾਅ ਕਰੇ।

ਭਾਈ ਧੰਨਾ ਸਿੰਘ ਜੀ ਦੀ ਧਰਮਪਤਨੀ ਦੀ ਪਟੀਸ਼ਨ ਹਾਈਕੋਰਟ ਵਿਚ ਪ੍ਰਵਾਨ

ਚੰਡੀਗੜ੍ਹ — ਪੰਜਾਬ ਤੇ ਹਰਿਆਣਾ ਹਾਈ ਕੋਰਟ ਦੇ ਜਸਟਿਸ ਐਸ ਐਸ ਸੋਢੀ ਨੇ ਸ੍ਰੀ ਮਤੀ ਬਲਜੀਤ ਕੌਰ ਵੱਲੋਂ ਦਾਇਰ ਫੌਜਦਾਰੀ ਪਟੀਸ਼ਨ ਨੂੰ ਪ੍ਰਵਾਨ ਕਰਦਿਆਂ ਹਦਾਇਤ ਕੀਤੀ ਕਿ ਪਟੀਸ਼ਨਰ ਦੇ ਪਤੀ ਭਾਈ ਧੰਨਾ ਸਿੰਘ ਉਰਫ ਬਲਬੀਰ ਸਿੰਘ ਜੀ ਕਿ ਕੌਮੀ ਸੁਰੱਖਿਆ ਕਾਨੂੰਨ ਅਧੀਨ ਅਜਮੇਰ ਜੇਲ੍ਹ ਵਿਚ ਨਜ਼ਰਬੰਦ ਹੈ ਨੂੰ ਅਜਮੇਰ ਤੋਂ ਨਜ਼ਰਬੰਦੀ ਖਤਮ ਹੋਣ ਤੇ ਹੱਥਕੜੀਆਂ ਤੇ ਬੇੜੀਆਂ ਵਿਚ ਪੰਜਾਬ ਲਿਆਂਦਾ ਜਾਵੇ। ਪਟੀਸ਼ਨ ਵਿਚ ਕਿਹਾ ਗਿਆ ਹੈ ਕਿ ਉਸ ਦਾ ਪਤੀ

ਕੌਮੀ ਸੁਰੱਖਿਆ ਕਾਨੂੰਨ ਅਧੀਨ ਇਕ ਸਾਲ ਲਈ ਅਜਮੇਰ ਜੇਲ੍ਹ ਵਿਚ ਨਜ਼ਰਬੰਦ ਹੈ। ਉਸ ਦੀ ਨਜ਼ਰਬੰਦੀ ਦੀ ਮਿਆਦ ਐਸ ਸਮਾਪਤ ਹੋ ਰਹੀ ਹੈ। ਪੰਜਾਬ ਵਿਚ ਉਸ ਵਿਰੁੱਧ ਵੱਖ ਵੱਖ ਥਾਣਿਆਂ ਵਿਚ ਚਾਰ ਪੰਜ ਕੇਸ ਦਰਜ ਹਨ ਅਤੇ ਉਸ ਨੂੰ ਇਨ੍ਹਾਂ ਕੇਸਾਂ ਦੇ ਸਿਲਸਿਲੇ ਵਿਚ ਪੰਜਾਬ ਲਿਆਂਦਾ ਜਾਵੇਗਾ। ਪਟੀਸ਼ਨਰ ਨੇ ਖਦਸ਼ਾ ਪ੍ਰਗਟਾਇਆ ਕਿ ਅਜਮੇਰ ਤੋਂ ਪੰਜਾਬ ਦੀ ਕਿਸੇ ਜੇਲ੍ਹ ਤਕ ਤਿਜਾਂਦਿਆਂ ਪੁਲਸ ਉਸ ਦੇ ਪਤੀ ਨੂੰ ਕਿਸੇ ਝੂਠੇ ਪੁਲਸ ਮੁਕਾਬਲੇ ਵਿਚ ਮਾਰ ਸਕਦੀ ਹੈ।

ਪੰਜਾਬ 'ਚ ਸਿੱਖ ਯੁਵਕਾਂ ਵਿਰੁੱਧ ਸਖਤੀ ਹੋਰ ਸਖਤ ਕਾਲੇ ਕਾਨੂੰਨ ਲਾਗੂ

ਚੰਡੀਗੜ੍ਹ — ਪੰਜਾਬ ਸਰਕਾਰ ਨੇ ਇਕ ਆਦੇਸ਼ ਜਾਰੀ ਕਰ ਕੇ ਸਮੁੱਚੇ ਪੰਜਾਬ ਨੂੰ ਅੱਤਿਵਾਦ ਅਤੇ ਭੰਨ ਤੋੜ ਵਾਲੀਆਂ ਕਾਰਵਾਈਆਂ ਵਿਰੁੱਧ ਬਣੇ ਐਕਟ 1987 ਅਧੀਨ ਨੋਟੀਫਾਈਡ ਏਰੀਆ ਕਰਾਰ ਦੇ ਦਿੱਤਾ ਹੈ। ਰਾਜ ਸਰਕਾਰ ਨੇ ਜ਼ਿਲ੍ਹਾ ਅਧਿਕਾਰੀਆਂ ਨੂੰ ਕਥਿਤ ਅੱਤਿਵਾਦੀ ਵਿਚ ਸਮਾਨਤਾਂ ਉਤੇ ਰੋਕ ਲਈ ਵਿਸ਼ੇਸ਼ਕਤੀ ਦੀਆਂ ਤਜ਼ਮਾਨਤਾਂ ਰੱਦ ਕਰਨ ਦਾ ਆਦੇਸ਼ ਦਿੱਤਾ ਹੈ। ਗ੍ਰਹਿ ਵਿਭਾਗ ਦੇ ਬੁਲਾਰੇ ਅਨੁਸਾਰ ਰਾਜ

ਵਿਚ ਕਥਿਤ ਅੱਤਿਵਾਦੀ ਸਰਗਰਮੀਆਂ ਨੂੰ ਰੋਕਣ ਦੇ ਇਕ ਹੋਰ ਕਦਮ ਪ੍ਰਤੀ ਸਖਤੀ ਨਾਲ ਲਾਗੂ ਕੀਤਾ ਜਾਵੇਗਾ। ਸਰਕਾਰ ਵੱਲੋਂ ਜਾਰੀ ਕੀਤੇ ਨੋਟੀਫਿਕੇਸ਼ਨ ਅਨੁਸਾਰ ਜਿਨ੍ਹਾਂ ਵਿਅਕਤੀਆਂ ਕੋਲੋਂ ਗੈਰਕਾਨੂੰਨੀ ਹਥਿਆਰ, ਅਸਲਾ, ਬੰਬ ਜਾਂ ਹੋਰ ਧਮਾਕਖੇਜ਼ ਸਮਾਨ ਫੜਿਆ ਗਿਆ ਉਨ੍ਹਾਂ ਨੂੰ ਇਸ ਐਕਟ ਅਧੀਨ ਸਖਤ ਸਜ਼ਾਵਾਂ ਦਿੱਤੀਆਂ ਜਾਣਗੀਆਂ। ਨੋਟੀਫਾਈਡ ਏਰੀਆ ਐਲਾਨੇ ਜਾਣ ਕਾਰਨ ਹੀ ਧਾਰਾ ਪੰਜ ਅਧੀਨ ਅਜਿਹਾ ਕੀਤਾ ਗਿਆ ਹੈ।

ਬੁਲਾਰੇ ਅਨੁਸਾਰ ਨੋਟੀਫਿਕੇਸ਼ਨ ਪਿੱਛੋਂ ਨਜਾਇਜ਼ ਅਸਲਾ ਰੱਖਣ ਵਾਲੇ ਵਿਅਕਤੀ ਨੂੰ ਘੱਟੋ ਘੱਟ ਪੰਜ ਸਾਲ ਦੀ ਸਜ਼ਾ ਹੋਵੇਗੀ ਅਤੇ ਵੱਧ ਤੋਂ ਵੱਧ ਉਮਰ ਕੈਦ ਦੀ ਸਜ਼ਾ ਵੀ ਹੋ ਸਕਦੀ ਹੈ। ਇਸ ਤੋਂ ਇਲਾਵਾ ਜੁਰਮਾਨਾ ਵੱਖਰਾ ਹੋ ਸਕਦਾ ਹੈ। ਪਹਿਲਾਂ ਇਹ ਕੇਸ ਅਸਲਾ ਐਕਟ 1962 ਅਧੀਨ ਨਿਪਟਾਏ ਜਾਂਦੇ ਸਨ। ਇਸ ਐਕਟ ਅਧੀਨ ਘੱਟ ਤੋਂ ਘੱਟ ਇਕ ਸਾਲ ਅਤੇ ਵੱਧ ਤੋਂ ਵੱਧ ਪੰਜ ਸਾਲ ਦੀ ਸਜ਼ਾ ਹੋ ਸਕਦੀ ਸੀ।

ਇਕ ਕਤਲ
ਇਕ ਫੱਟੜ

ਥਾਣਾ ਪੱਟੀ ਦੇ ਪਿੰਡ ਕੁੱਠੇਸ਼ਾਹਵਾਲਾ ਵਿਚ ਬੀਤੀ ਰਾਤ ਸਵਰਨ ਸਿੰਘ ਨਾਂ ਦੇ ਇਕ ਵਿਅਕਤੀ ਨੂੰ ਗੋਲੀ ਮਾਰ ਕੇ ਹਲਾਕ ਕਰ ਦਿੱਤਾ ਗਿਆ ਅਤੇ ਉਸ ਦੇ ਭਰਾ ਪਰਗਟ ਸਿੰਘ ਨੂੰ ਜ਼ਖ਼ਮੀ ਕਰ ਦਿੱਤਾ ਗਿਆ।

18
19
20
